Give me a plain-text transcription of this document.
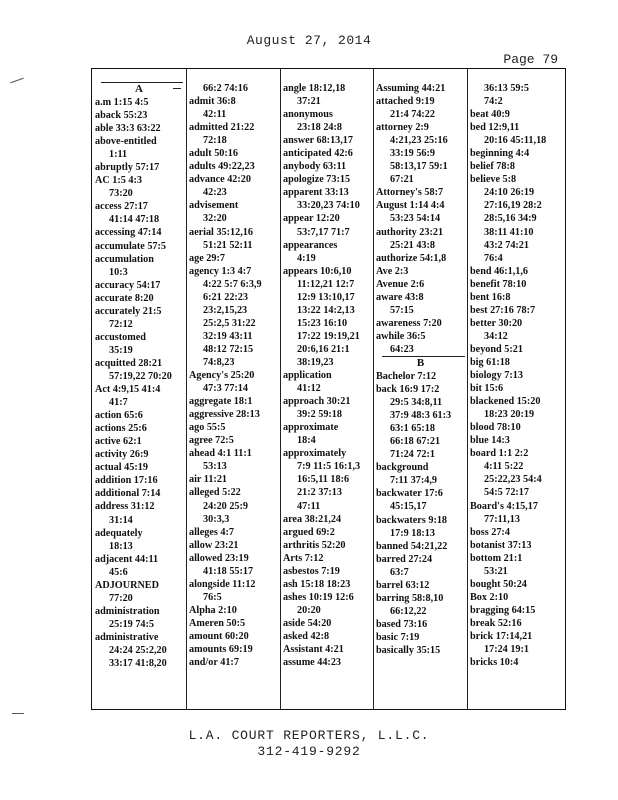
August 27, 2014
Page 79
A
a.m 1:15 4:5
aback 55:23
able 33:3 63:22
above-entitled
1:11
abruptly 57:17
AC 1:5 4:3
73:20
access 27:17
41:14 47:18
accessing 47:14
accumulate 57:5
accumulation
10:3
accuracy 54:17
accurate 8:20
accurately 21:5
72:12
accustomed
35:19
acquitted 28:21
57:19,22 70:20
Act 4:9,15 41:4
41:7
action 65:6
actions 25:6
active 62:1
activity 26:9
actual 45:19
addition 17:16
additional 7:14
address 31:12
31:14
adequately
18:13
adjacent 44:11
45:6
ADJOURNED
77:20
administration
25:19 74:5
administrative
24:24 25:2,20
33:17 41:8,20
66:2 74:16
admit 36:8
42:11
admitted 21:22
72:18
adult 50:16
adults 49:22,23
advance 42:20
42:23
advisement
32:20
aerial 35:12,16
51:21 52:11
age 29:7
agency 1:3 4:7
4:22 5:7 6:3,9
6:21 22:23
23:2,15,23
25:2,5 31:22
32:19 43:11
48:12 72:15
74:8,23
Agency's 25:20
47:3 77:14
aggregate 18:1
aggressive 28:13
ago 55:5
agree 72:5
ahead 4:1 11:1
53:13
air 11:21
alleged 5:22
24:20 25:9
30:3,3
alleges 4:7
allow 23:21
allowed 23:19
41:18 55:17
alongside 11:12
76:5
Alpha 2:10
Ameren 50:5
amount 60:20
amounts 69:19
and/or 41:7
angle 18:12,18
37:21
anonymous
23:18 24:8
answer 68:13,17
anticipated 42:6
anybody 63:11
apologize 73:15
apparent 33:13
33:20,23 74:10
appear 12:20
53:7,17 71:7
appearances
4:19
appears 10:6,10
11:12,21 12:7
12:9 13:10,17
13:22 14:2,13
15:23 16:10
17:22 19:19,21
20:6,16 21:1
38:19,23
application
41:12
approach 30:21
39:2 59:18
approximate
18:4
approximately
7:9 11:5 16:1,3
16:5,11 18:6
21:2 37:13
47:11
area 38:21,24
argued 69:2
arthritis 52:20
Arts 7:12
asbestos 7:19
ash 15:18 18:23
ashes 10:19 12:6
20:20
aside 54:20
asked 42:8
Assistant 4:21
assume 44:23
Assuming 44:21
attached 9:19
21:4 74:22
attorney 2:9
4:21,23 25:16
33:19 56:9
58:13,17 59:1
67:21
Attorney's 58:7
August 1:14 4:4
53:23 54:14
authority 23:21
25:21 43:8
authorize 54:1,8
Ave 2:3
Avenue 2:6
aware 43:8
57:15
awareness 7:20
awhile 36:5
64:23
B
Bachelor 7:12
back 16:9 17:2
29:5 34:8,11
37:9 48:3 61:3
63:1 65:18
66:18 67:21
71:24 72:1
background
7:11 37:4,9
backwater 17:6
45:15,17
backwaters 9:18
17:9 18:13
banned 54:21,22
barred 27:24
63:7
barrel 63:12
barring 58:8,10
66:12,22
based 73:16
basic 7:19
basically 35:15
36:13 59:5
74:2
beat 40:9
bed 12:9,11
20:16 45:11,18
beginning 4:4
belief 78:8
believe 5:8
24:10 26:19
27:16,19 28:2
28:5,16 34:9
38:11 41:10
43:2 74:21
76:4
bend 46:1,1,6
benefit 78:10
bent 16:8
best 27:16 78:7
better 30:20
34:12
beyond 5:21
big 61:18
biology 7:13
bit 15:6
blackened 15:20
18:23 20:19
blood 78:10
blue 14:3
board 1:1 2:2
4:11 5:22
25:22,23 54:4
54:5 72:17
Board's 4:15,17
77:11,13
boss 27:4
botanist 37:13
bottom 21:1
53:21
bought 50:24
Box 2:10
bragging 64:15
break 52:16
brick 17:14,21
17:24 19:1
bricks 10:4
L.A. COURT REPORTERS, L.L.C.
312-419-9292
